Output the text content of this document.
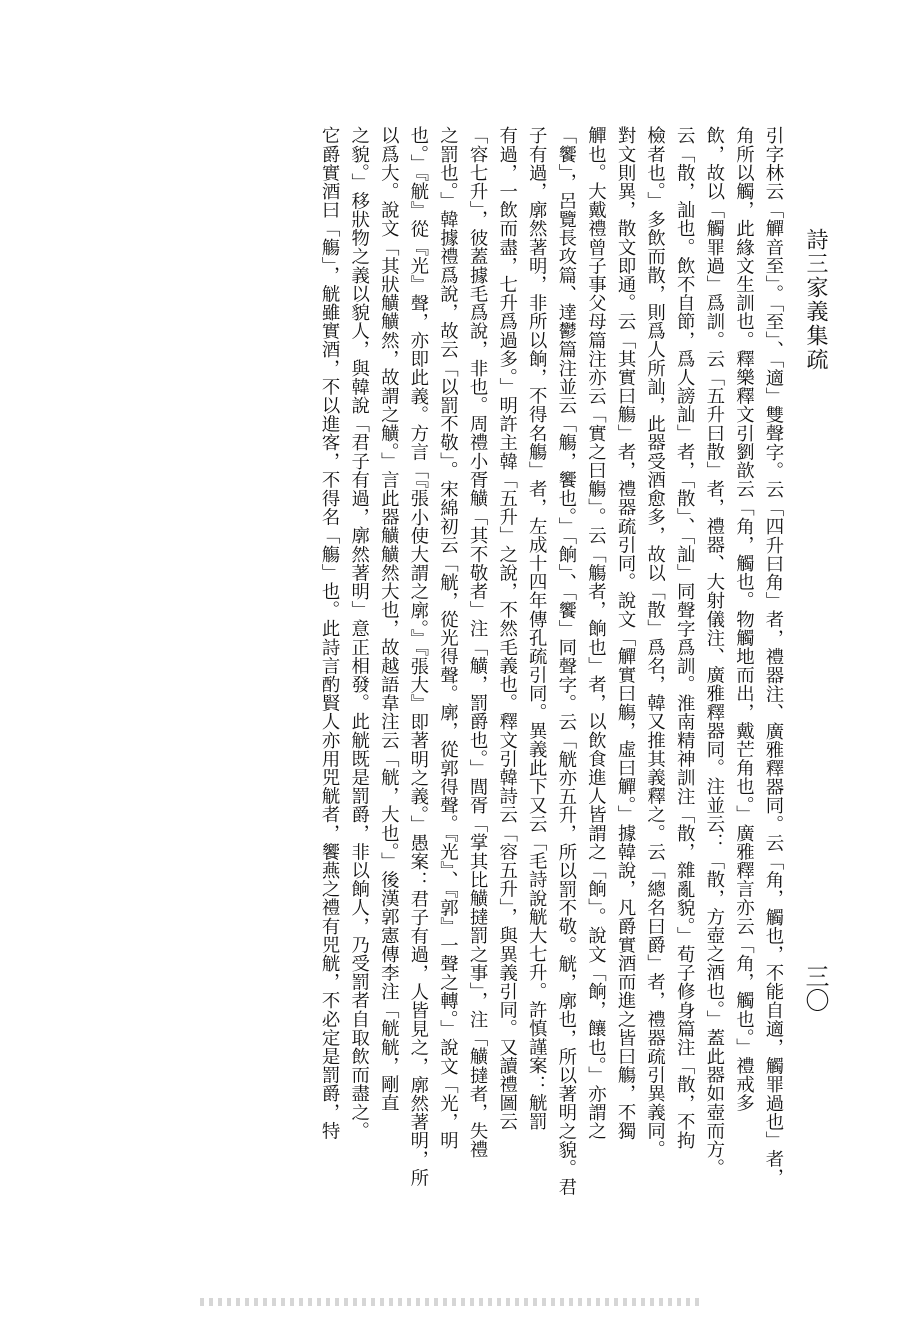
詩三家義集疏
三〇
引字林云「觶音至」。「至」、「適」雙聲字。云「四升曰角」者，禮器注、廣雅釋器同。云「角，觸也，不能自適，觸罪過也」者，
角所以觸，此緣文生訓也。釋樂釋文引劉歆云「角，觸也。物觸地而出，戴芒角也。」廣雅釋言亦云「角，觸也。」禮戒多
飲，故以「觸罪過」爲訓。云「五升曰散」者，禮器、大射儀注、廣雅釋器同。注並云：「散，方壺之酒也。」蓋此器如壺而方。
云「散，訕也。飲不自節，爲人謗訕」者，「散」、「訕」同聲字爲訓。淮南精神訓注「散，雜亂貌。」荀子修身篇注「散，不拘
檢者也。」多飲而散，則爲人所訕，此器受酒愈多，故以「散」爲名，韓又推其義釋之。云「總名曰爵」者，禮器疏引異義同。
對文則異，散文即通。云「其實曰觴」者，禮器疏引同。說文「觶實曰觴，虛曰觶。」據韓說，凡爵實酒而進之皆曰觴，不獨
觶也。大戴禮曾子事父母篇注亦云「實之曰觴」。云「觴者，餉也」者，以飲食進人皆謂之「餉」。說文「餉，饟也。」亦謂之
「饗」，呂覽長攻篇、達鬱篇注並云「觴，饗也。」「餉」、「饗」同聲字。云「觥亦五升，所以罰不敬。觥，廓也，所以著明之貌。君
子有過，廓然著明，非所以餉，不得名觴」者，左成十四年傳孔疏引同。異義此下又云「毛詩說觥大七升。許慎謹案：觥罰
有過，一飲而盡，七升爲過多。」明許主韓「五升」之說，不然毛義也。釋文引韓詩云「容五升」，與異義引同。又讀禮圖云
「容七升」，彼蓋據毛爲說，非也。周禮小胥觵「其不敬者」注「觵，罰爵也。」閭胥「掌其比觵撻罰之事」，注「觵撻者，失禮
之罰也。」韓據禮爲說，故云「以罰不敬」。宋綿初云「觥，從光得聲。廓，從郭得聲。『光』、『郭』一聲之轉。」說文「光，明
也。」『觥』從『光』聲，亦即此義。方言「『張小使大謂之廓。』『張大』即著明之義。」愚案：君子有過，人皆見之，廓然著明，所
以爲大。說文「其狀觵觵然，故謂之觵。」言此器觵觵然大也，故越語韋注云「觥，大也。」後漢郭憲傳李注「觥觥，剛直
之貌。」移狀物之義以貌人，與韓說「君子有過，廓然著明」意正相發。此觥既是罰爵，非以餉人，乃受罰者自取飲而盡之。
它爵實酒曰「觴」，觥雖實酒，不以進客，不得名「觴」也。此詩言酌賢人亦用兕觥者，饗燕之禮有兕觥，不必定是罰爵，特
